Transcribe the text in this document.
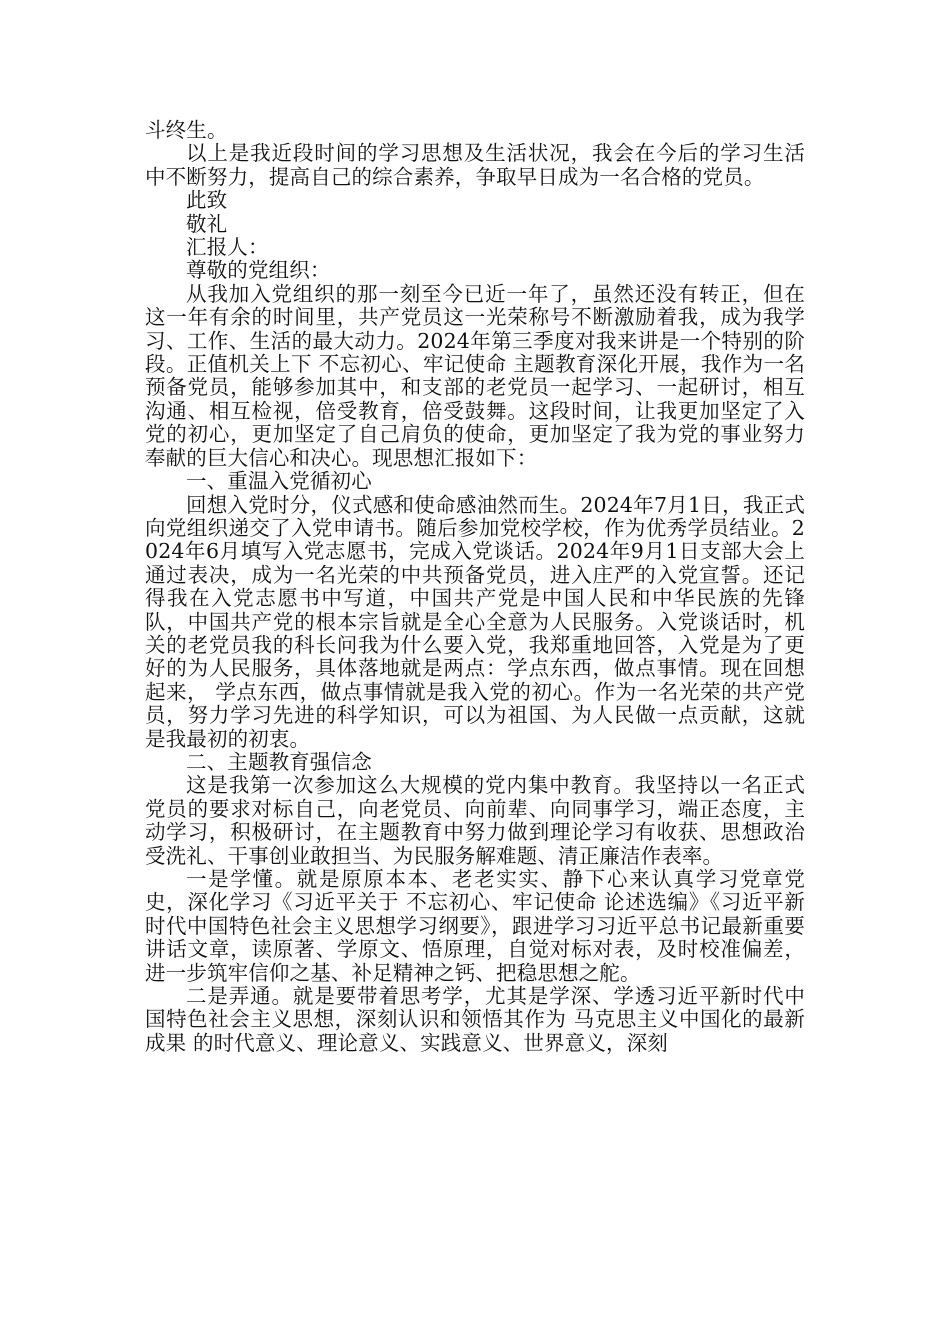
斗终生。

以上是我近段时间的学习思想及生活状况，我会在今后的学习生活中不断努力，提高自己的综合素养，争取早日成为一名合格的党员。

此致

敬礼

汇报人：

尊敬的党组织：

从我加入党组织的那一刻至今已近一年了，虽然还没有转正，但在这一年有余的时间里，共产党员这一光荣称号不断激励着我，成为我学习、工作、生活的最大动力。2024年第三季度对我来讲是一个特别的阶段。正值机关上下 不忘初心、牢记使命 主题教育深化开展，我作为一名预备党员，能够参加其中，和支部的老党员一起学习、一起研讨，相互沟通、相互检视，倍受教育，倍受鼓舞。这段时间，让我更加坚定了入党的初心，更加坚定了自己肩负的使命，更加坚定了我为党的事业努力奉献的巨大信心和决心。现思想汇报如下：

一、重温入党循初心

回想入党时分，仪式感和使命感油然而生。2024年7月1日，我正式向党组织递交了入党申请书。随后参加党校学校，作为优秀学员结业。2024年6月填写入党志愿书，完成入党谈话。2024年9月1日支部大会上通过表决，成为一名光荣的中共预备党员，进入庄严的入党宣誓。还记得我在入党志愿书中写道，中国共产党是中国人民和中华民族的先锋队，中国共产党的根本宗旨就是全心全意为人民服务。入党谈话时，机关的老党员我的科长问我为什么要入党，我郑重地回答，入党是为了更好的为人民服务，具体落地就是两点：学点东西，做点事情。现在回想起来， 学点东西，做点事情就是我入党的初心。作为一名光荣的共产党员，努力学习先进的科学知识，可以为祖国、为人民做一点贡献，这就是我最初的初衷。

二、主题教育强信念

这是我第一次参加这么大规模的党内集中教育。我坚持以一名正式党员的要求对标自己，向老党员、向前辈、向同事学习，端正态度，主动学习，积极研讨，在主题教育中努力做到理论学习有收获、思想政治受洗礼、干事创业敢担当、为民服务解难题、清正廉洁作表率。

一是学懂。就是原原本本、老老实实、静下心来认真学习党章党史，深化学习《习近平关于 不忘初心、牢记使命 论述选编》《习近平新时代中国特色社会主义思想学习纲要》，跟进学习习近平总书记最新重要讲话文章，读原著、学原文、悟原理，自觉对标对表，及时校准偏差，进一步筑牢信仰之基、补足精神之钙、把稳思想之舵。

二是弄通。就是要带着思考学，尤其是学深、学透习近平新时代中国特色社会主义思想，深刻认识和领悟其作为 马克思主义中国化的最新成果 的时代意义、理论意义、实践意义、世界意义，深刻
